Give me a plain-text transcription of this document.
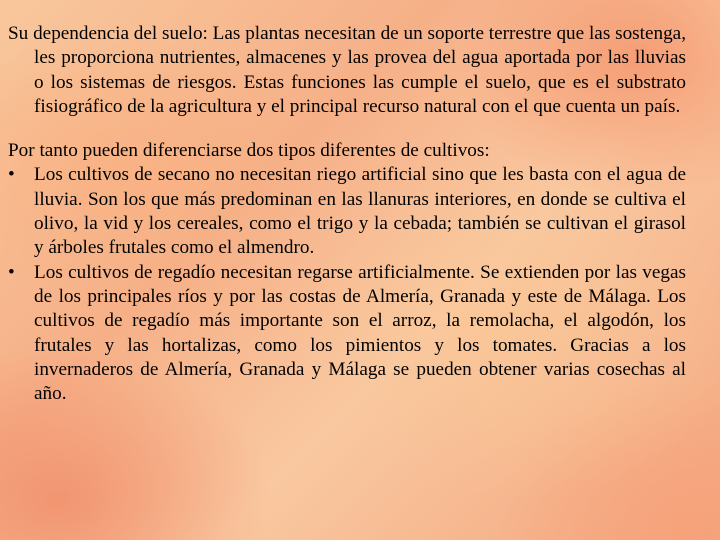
Su dependencia del suelo: Las plantas necesitan de un soporte terrestre que las sostenga, les proporciona nutrientes, almacenes y las provea del agua aportada por las lluvias o los sistemas de riesgos. Estas funciones las cumple el suelo, que es el substrato fisiográfico de la agricultura y el principal recurso natural con el que cuenta un país.

Por tanto pueden diferenciarse dos tipos diferentes de cultivos:

•	Los cultivos de secano no necesitan riego artificial sino que les basta con el agua de lluvia. Son los que más predominan en las llanuras interiores, en donde se cultiva el olivo, la vid y los cereales, como el trigo y la cebada; también se cultivan el girasol y árboles frutales como el almendro.
•	Los cultivos de regadío necesitan regarse artificialmente. Se extienden por las vegas de los principales ríos y por las costas de Almería, Granada y este de Málaga. Los cultivos de regadío más importante son el arroz, la remolacha, el algodón, los frutales y las hortalizas, como los pimientos y los tomates. Gracias a los invernaderos de Almería, Granada y Málaga se pueden obtener varias cosechas al año.
